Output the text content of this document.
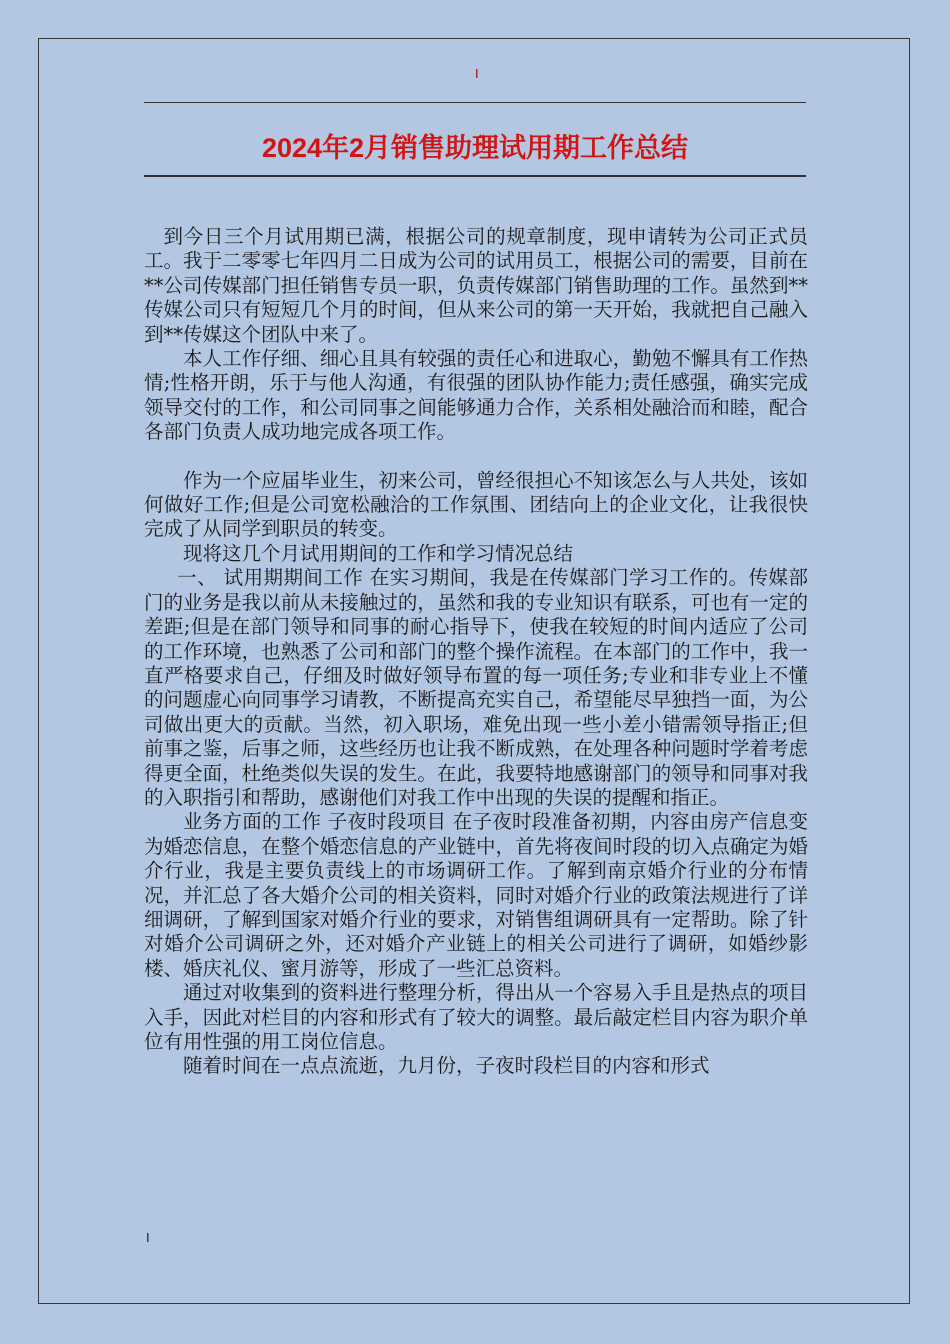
I
2024年2月销售助理试用期工作总结

到今日三个月试用期已满，根据公司的规章制度，现申请转为公司正式员工。我于二零零七年四月二日成为公司的试用员工，根据公司的需要，目前在**公司传媒部门担任销售专员一职，负责传媒部门销售助理的工作。虽然到**传媒公司只有短短几个月的时间，但从来公司的第一天开始，我就把自己融入到**传媒这个团队中来了。

本人工作仔细、细心且具有较强的责任心和进取心，勤勉不懈具有工作热情;性格开朗，乐于与他人沟通，有很强的团队协作能力;责任感强，确实完成领导交付的工作，和公司同事之间能够通力合作，关系相处融洽而和睦，配合各部门负责人成功地完成各项工作。

作为一个应届毕业生，初来公司，曾经很担心不知该怎么与人共处，该如何做好工作;但是公司宽松融洽的工作氛围、团结向上的企业文化，让我很快完成了从同学到职员的转变。

现将这几个月试用期间的工作和学习情况总结

一、 试用期期间工作 在实习期间，我是在传媒部门学习工作的。传媒部门的业务是我以前从未接触过的，虽然和我的专业知识有联系，可也有一定的差距;但是在部门领导和同事的耐心指导下，使我在较短的时间内适应了公司的工作环境，也熟悉了公司和部门的整个操作流程。在本部门的工作中，我一直严格要求自己，仔细及时做好领导布置的每一项任务;专业和非专业上不懂的问题虚心向同事学习请教，不断提高充实自己，希望能尽早独挡一面，为公司做出更大的贡献。当然，初入职场，难免出现一些小差小错需领导指正;但前事之鉴，后事之师，这些经历也让我不断成熟，在处理各种问题时学着考虑得更全面，杜绝类似失误的发生。在此，我要特地感谢部门的领导和同事对我的入职指引和帮助，感谢他们对我工作中出现的失误的提醒和指正。

业务方面的工作 子夜时段项目 在子夜时段准备初期，内容由房产信息变为婚恋信息，在整个婚恋信息的产业链中，首先将夜间时段的切入点确定为婚介行业，我是主要负责线上的市场调研工作。了解到南京婚介行业的分布情况，并汇总了各大婚介公司的相关资料，同时对婚介行业的政策法规进行了详细调研，了解到国家对婚介行业的要求，对销售组调研具有一定帮助。除了针对婚介公司调研之外，还对婚介产业链上的相关公司进行了调研，如婚纱影楼、婚庆礼仪、蜜月游等，形成了一些汇总资料。

通过对收集到的资料进行整理分析，得出从一个容易入手且是热点的项目入手，因此对栏目的内容和形式有了较大的调整。最后敲定栏目内容为职介单位有用性强的用工岗位信息。

随着时间在一点点流逝，九月份，子夜时段栏目的内容和形式

I
